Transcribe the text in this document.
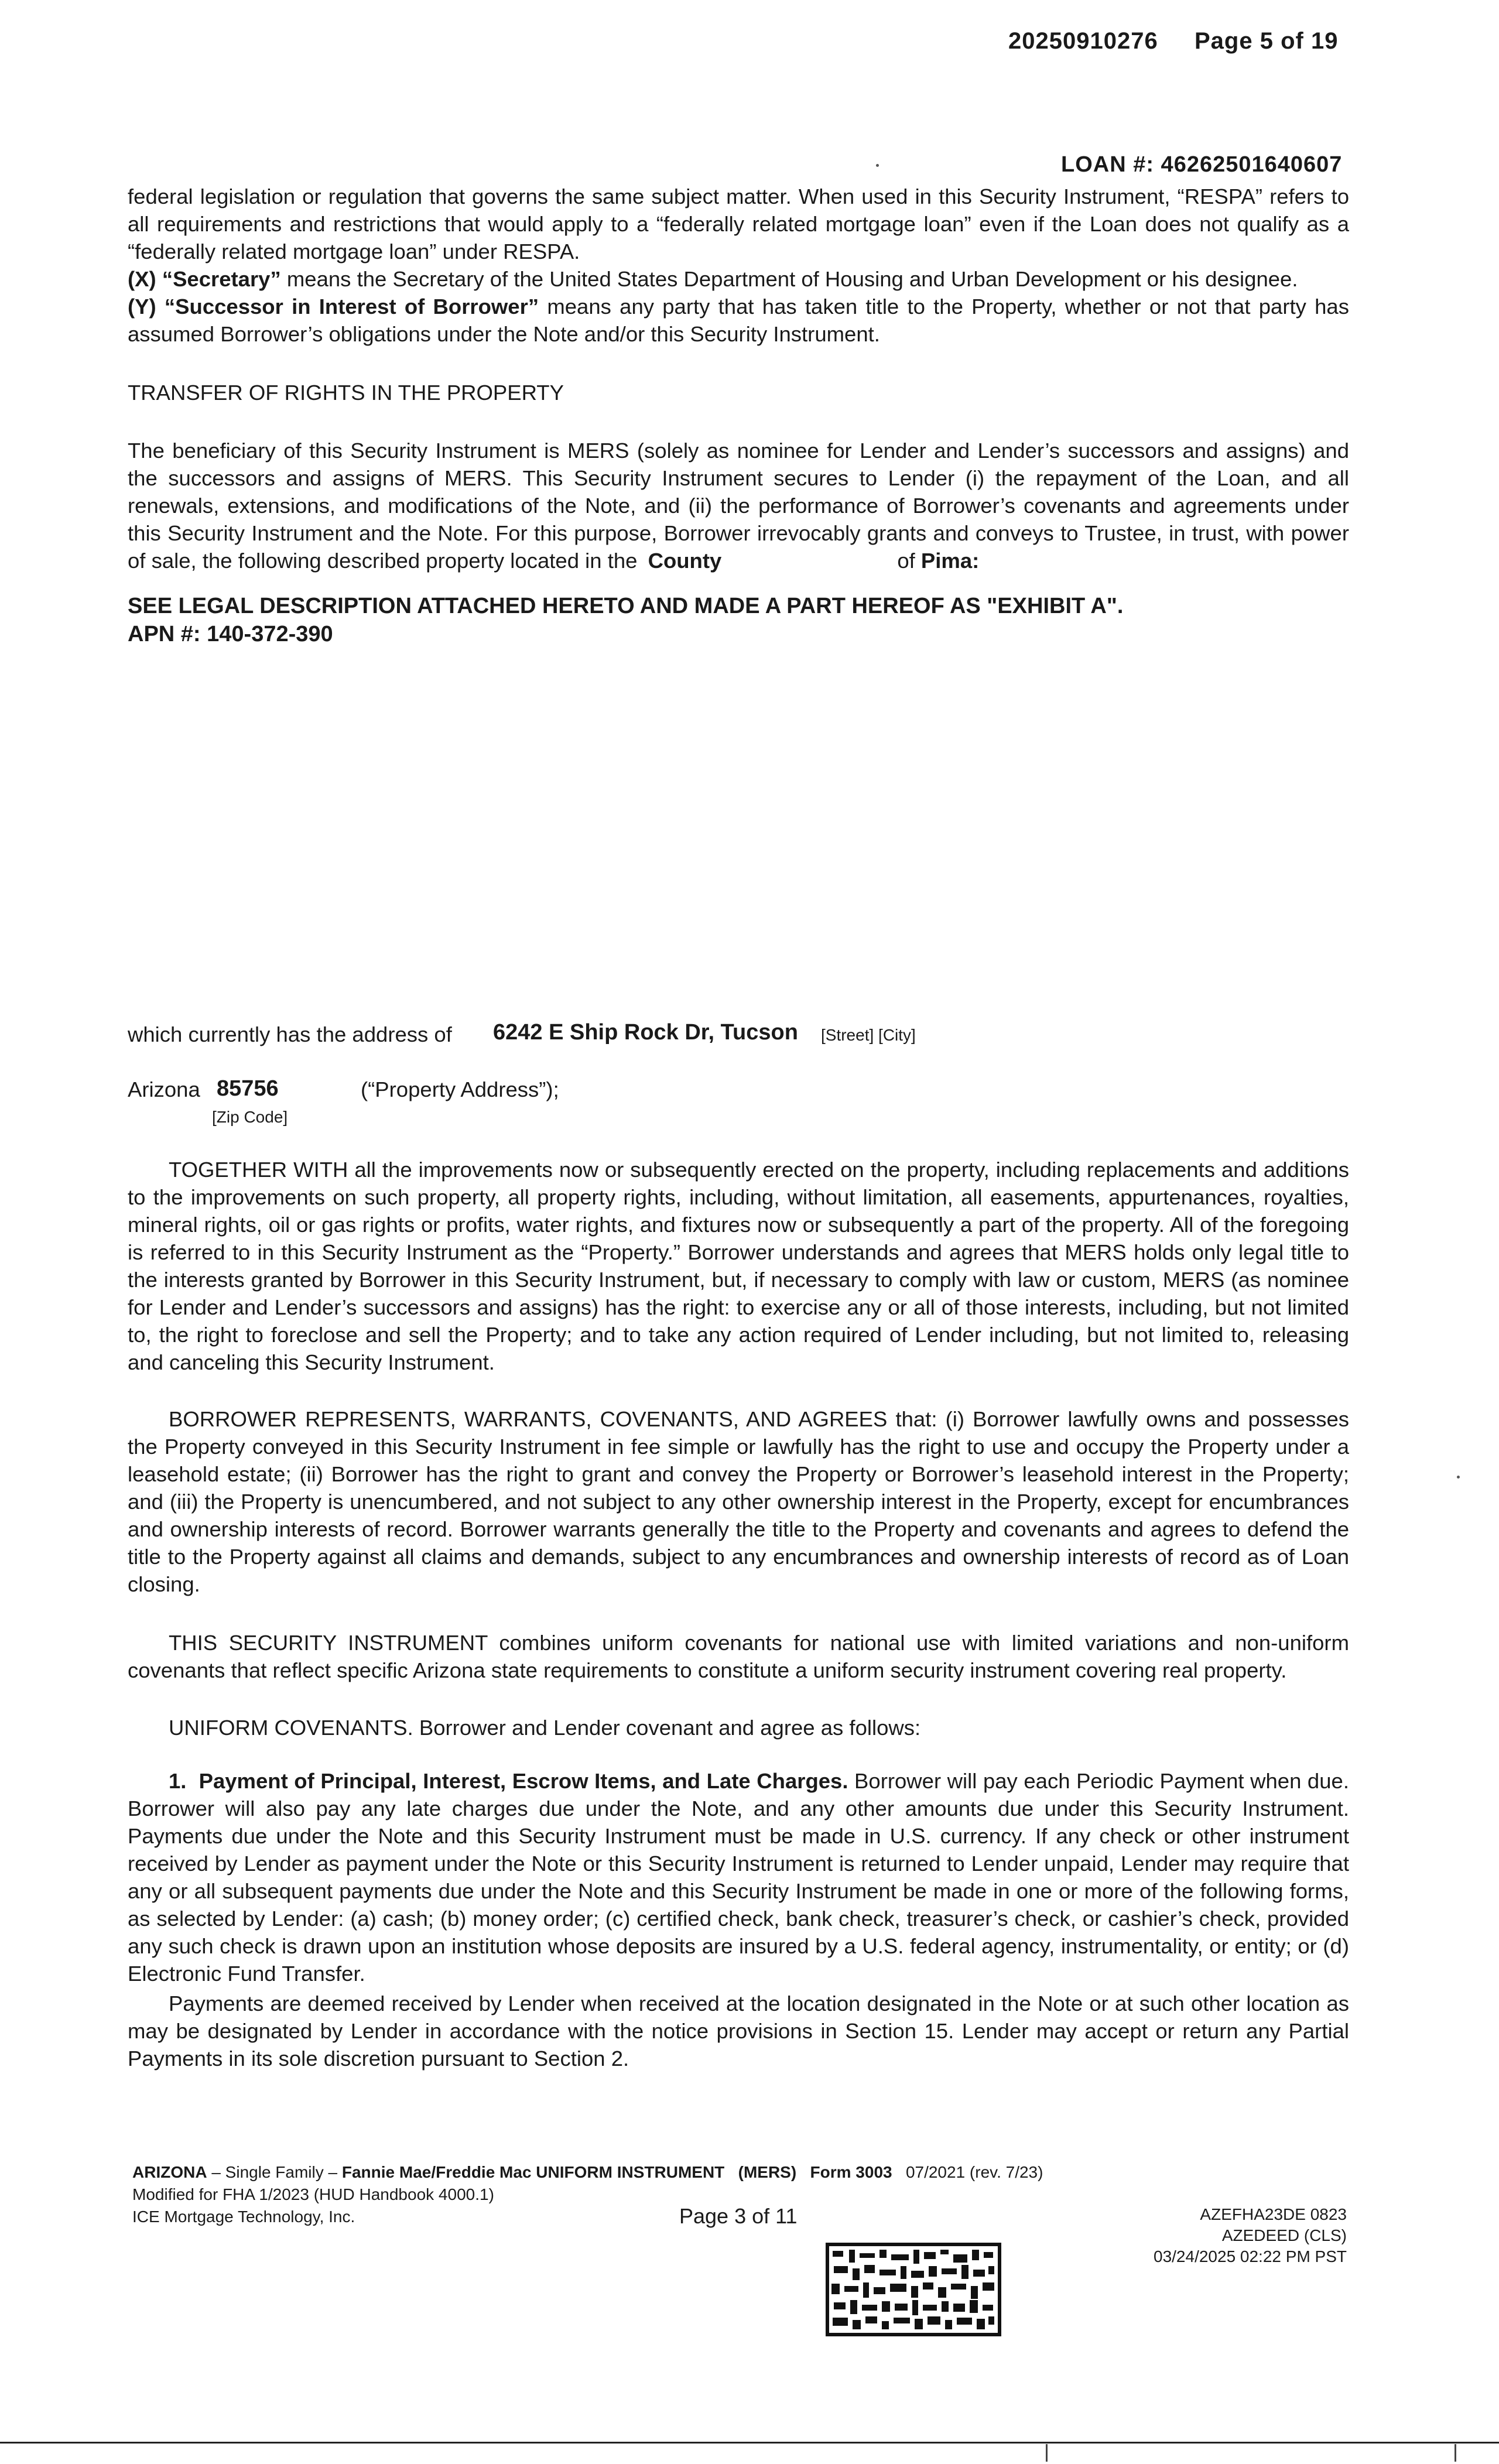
20250910276 Page 5 of 19
LOAN #: 46262501640607

federal legislation or regulation that governs the same subject matter. When used in this Security Instrument, “RESPA” refers to all requirements and restrictions that would apply to a “federally related mortgage loan” even if the Loan does not qualify as a “federally related mortgage loan” under RESPA.

(X) “Secretary” means the Secretary of the United States Department of Housing and Urban Development or his designee.

(Y) “Successor in Interest of Borrower” means any party that has taken title to the Property, whether or not that party has assumed Borrower’s obligations under the Note and/or this Security Instrument.

TRANSFER OF RIGHTS IN THE PROPERTY

The beneficiary of this Security Instrument is MERS (solely as nominee for Lender and Lender’s successors and assigns) and the successors and assigns of MERS. This Security Instrument secures to Lender (i) the repayment of the Loan, and all renewals, extensions, and modifications of the Note, and (ii) the performance of Borrower’s covenants and agreements under this Security Instrument and the Note. For this purpose, Borrower irrevocably grants and conveys to Trustee, in trust, with power of sale, the following described property located in the County	of Pima:

SEE LEGAL DESCRIPTION ATTACHED HERETO AND MADE A PART HEREOF AS "EXHIBIT A".
APN #: 140-372-390
which currently has the address of 6242 E Ship Rock Dr, Tucson [Street] [City]
Arizona 85756
[Zip Code]
(“Property Address”);

TOGETHER WITH all the improvements now or subsequently erected on the property, including replacements and additions to the improvements on such property, all property rights, including, without limitation, all easements, appurtenances, royalties, mineral rights, oil or gas rights or profits, water rights, and fixtures now or subsequently a part of the property. All of the foregoing is referred to in this Security Instrument as the “Property.” Borrower understands and agrees that MERS holds only legal title to the interests granted by Borrower in this Security Instrument, but, if necessary to comply with law or custom, MERS (as nominee for Lender and Lender’s successors and assigns) has the right: to exercise any or all of those interests, including, but not limited to, the right to foreclose and sell the Property; and to take any action required of Lender including, but not limited to, releasing and canceling this Security Instrument.

BORROWER REPRESENTS, WARRANTS, COVENANTS, AND AGREES that: (i) Borrower lawfully owns and possesses the Property conveyed in this Security Instrument in fee simple or lawfully has the right to use and occupy the Property under a leasehold estate; (ii) Borrower has the right to grant and convey the Property or Borrower’s leasehold interest in the Property; and (iii) the Property is unencumbered, and not subject to any other ownership interest in the Property, except for encumbrances and ownership interests of record. Borrower warrants generally the title to the Property and covenants and agrees to defend the title to the Property against all claims and demands, subject to any encumbrances and ownership interests of record as of Loan closing.

THIS SECURITY INSTRUMENT combines uniform covenants for national use with limited variations and non-uniform covenants that reflect specific Arizona state requirements to constitute a uniform security instrument covering real property.

UNIFORM COVENANTS. Borrower and Lender covenant and agree as follows:

1. Payment of Principal, Interest, Escrow Items, and Late Charges. Borrower will pay each Periodic Payment when due. Borrower will also pay any late charges due under the Note, and any other amounts due under this Security Instrument. Payments due under the Note and this Security Instrument must be made in U.S. currency. If any check or other instrument received by Lender as payment under the Note or this Security Instrument is returned to Lender unpaid, Lender may require that any or all subsequent payments due under the Note and this Security Instrument be made in one or more of the following forms, as selected by Lender: (a) cash; (b) money order; (c) certified check, bank check, treasurer’s check, or cashier’s check, provided any such check is drawn upon an institution whose deposits are insured by a U.S. federal agency, instrumentality, or entity; or (d) Electronic Fund Transfer.

Payments are deemed received by Lender when received at the location designated in the Note or at such other location as may be designated by Lender in accordance with the notice provisions in Section 15. Lender may accept or return any Partial Payments in its sole discretion pursuant to Section 2.

ARIZONA – Single Family – Fannie Mae/Freddie Mac UNIFORM INSTRUMENT (MERS) Form 3003 07/2021 (rev. 7/23)
Modified for FHA 1/2023 (HUD Handbook 4000.1)
ICE Mortgage Technology, Inc.	Page 3 of 11	AZEFHA23DE 0823
AZEDEED (CLS)
03/24/2025 02:22 PM PST
